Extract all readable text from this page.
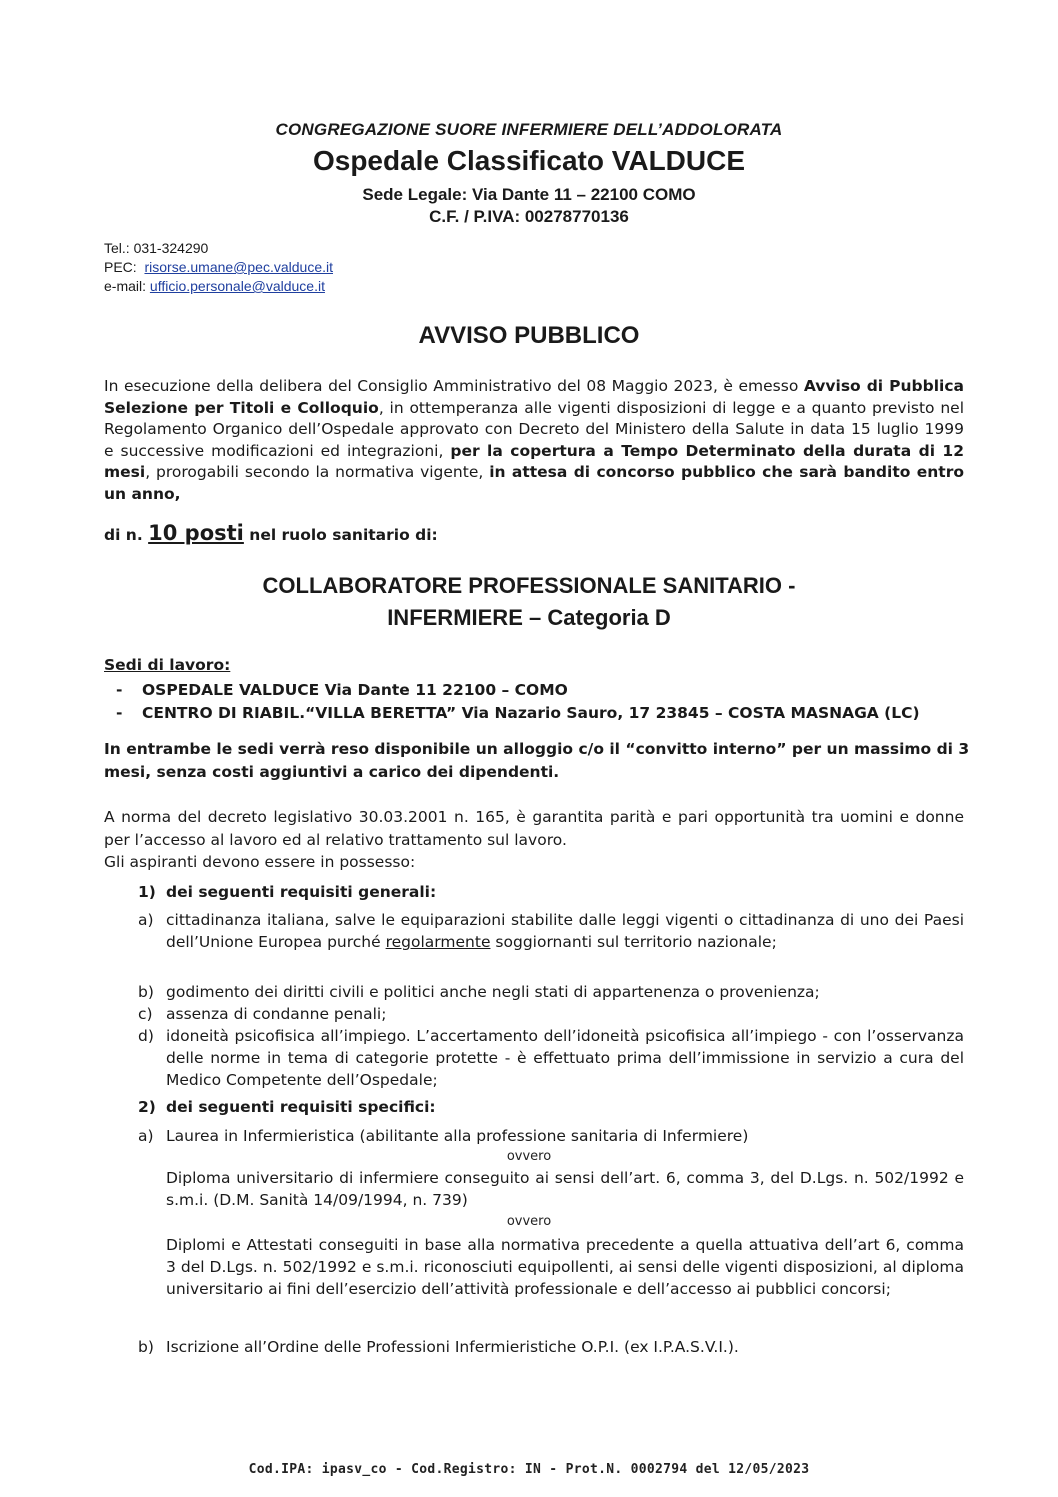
CONGREGAZIONE SUORE INFERMIERE DELL’ADDOLORATA
Ospedale Classificato VALDUCE
Sede Legale: Via Dante 11 – 22100 COMO
C.F. / P.IVA: 00278770136
Tel.: 031-324290
PEC: risorse.umane@pec.valduce.it
e-mail: ufficio.personale@valduce.it
AVVISO PUBBLICO
In esecuzione della delibera del Consiglio Amministrativo del 08 Maggio 2023, è emesso Avviso di Pubblica Selezione per Titoli e Colloquio, in ottemperanza alle vigenti disposizioni di legge e a quanto previsto nel Regolamento Organico dell’Ospedale approvato con Decreto del Ministero della Salute in data 15 luglio 1999 e successive modificazioni ed integrazioni, per la copertura a Tempo Determinato della durata di 12 mesi, prorogabili secondo la normativa vigente, in attesa di concorso pubblico che sarà bandito entro un anno,
di n. 10 posti nel ruolo sanitario di:
COLLABORATORE PROFESSIONALE SANITARIO -
INFERMIERE – Categoria D
Sedi di lavoro:
- OSPEDALE VALDUCE Via Dante 11 22100 – COMO
- CENTRO DI RIABIL.“VILLA BERETTA” Via Nazario Sauro, 17 23845 – COSTA MASNAGA (LC)
In entrambe le sedi verrà reso disponibile un alloggio c/o il “convitto interno” per un massimo di 3 mesi, senza costi aggiuntivi a carico dei dipendenti.
A norma del decreto legislativo 30.03.2001 n. 165, è garantita parità e pari opportunità tra uomini e donne per l’accesso al lavoro ed al relativo trattamento sul lavoro.
Gli aspiranti devono essere in possesso:
1) dei seguenti requisiti generali:
a) cittadinanza italiana, salve le equiparazioni stabilite dalle leggi vigenti o cittadinanza di uno dei Paesi dell’Unione Europea purché regolarmente soggiornanti sul territorio nazionale;
b) godimento dei diritti civili e politici anche negli stati di appartenenza o provenienza;
c) assenza di condanne penali;
d) idoneità psicofisica all’impiego. L’accertamento dell’idoneità psicofisica all’impiego - con l’osservanza delle norme in tema di categorie protette - è effettuato prima dell’immissione in servizio a cura del Medico Competente dell’Ospedale;
2) dei seguenti requisiti specifici:
a) Laurea in Infermieristica (abilitante alla professione sanitaria di Infermiere)
ovvero
Diploma universitario di infermiere conseguito ai sensi dell’art. 6, comma 3, del D.Lgs. n. 502/1992 e s.m.i. (D.M. Sanità 14/09/1994, n. 739)
ovvero
Diplomi e Attestati conseguiti in base alla normativa precedente a quella attuativa dell’art 6, comma 3 del D.Lgs. n. 502/1992 e s.m.i. riconosciuti equipollenti, ai sensi delle vigenti disposizioni, al diploma universitario ai fini dell’esercizio dell’attività professionale e dell’accesso ai pubblici concorsi;
b) Iscrizione all’Ordine delle Professioni Infermieristiche O.P.I. (ex I.P.A.S.V.I.).
Cod.IPA: ipasv_co - Cod.Registro: IN - Prot.N. 0002794 del 12/05/2023
